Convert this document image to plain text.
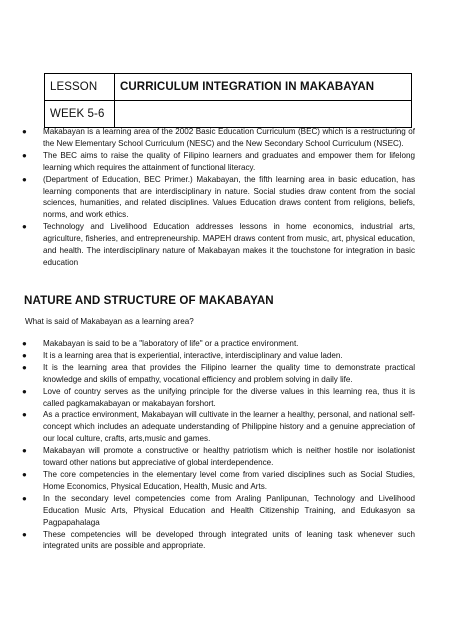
LESSON	CURRICULUM INTEGRATION IN MAKABAYAN
WEEK 5-6	
● Makabayan is a learning area of the 2002 Basic Education Curriculum (BEC) which is a restructuring of the New Elementary School Curriculum (NESC) and the New Secondary School Curriculum (NSEC).
● The BEC aims to raise the quality of Filipino learners and graduates and empower them for lifelong learning which requires the attainment of functional literacy.
● (Department of Education, BEC Primer.) Makabayan, the fifth learning area in basic education, has learning components that are interdisciplinary in nature. Social studies draw content from the social sciences, humanities, and related disciplines. Values Education draws content from religions, beliefs, norms, and work ethics.
● Technology and Livelihood Education addresses lessons in home economics, industrial arts, agriculture, fisheries, and entrepreneurship. MAPEH draws content from music, art, physical education, and health. The interdisciplinary nature of Makabayan makes it the touchstone for integration in basic education
NATURE AND STRUCTURE OF MAKABAYAN

What is said of Makabayan as a learning area?

● Makabayan is said to be a "laboratory of life" or a practice environment.
● It is a learning area that is experiential, interactive, interdisciplinary and value laden.
● It is the learning area that provides the Filipino learner the quality time to demonstrate practical knowledge and skills of empathy, vocational efficiency and problem solving in daily life.
● Love of country serves as the unifying principle for the diverse values in this learning rea, thus it is called pagkamakabayan or makabayan forshort.
● As a practice environment, Makabayan will cultivate in the learner a healthy, personal, and national self-concept which includes an adequate understanding of Philippine history and a genuine appreciation of our local culture, crafts, arts,music and games.
● Makabayan will promote a constructive or healthy patriotism which is neither hostile nor isolationist toward other nations but appreciative of global interdependence.
● The core competencies in the elementary level come from varied disciplines such as Social Studies, Home Economics, Physical Education, Health, Music and Arts.
● In the secondary level competencies come from Araling Panlipunan, Technology and Livelihood Education Music Arts, Physical Education and Health Citizenship Training, and Edukasyon sa Pagpapahalaga
● These competencies will be developed through integrated units of leaning task whenever such integrated units are possible and appropriate.
